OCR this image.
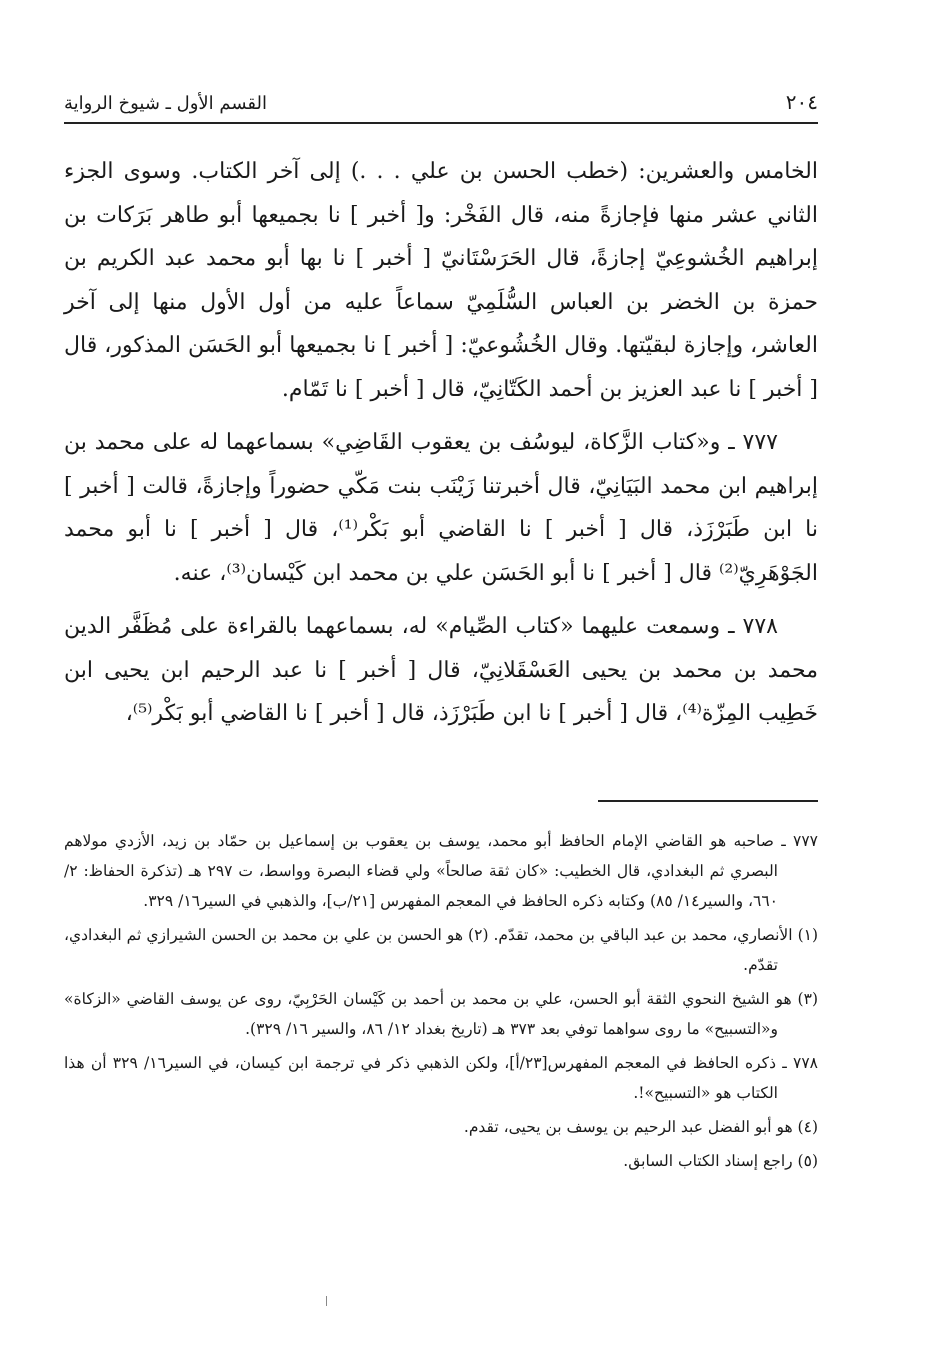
٢٠٤
القسم الأول ـ شيوخ الرواية

الخامس والعشرين: (خطب الحسن بن علي . . .) إلى آخر الكتاب. وسوى الجزء الثاني عشر منها فإجازةً منه، قال الفَخْر: و[ أخبر ] نا بجميعها أبو طاهر بَرَكات بن إبراهيم الخُشوعِيّ إجازةً، قال الحَرَسْتَانيّ [ أخبر ] نا بها أبو محمد عبد الكريم بن حمزة بن الخضر بن العباس السُّلَمِيّ سماعاً عليه من أول الأول منها إلى آخر العاشر، وإجازة لبقيّتها. وقال الخُشُوعيّ: [ أخبر ] نا بجميعها أبو الحَسَن المذكور، قال [ أخبر ] نا عبد العزيز بن أحمد الكَتّانِيّ، قال [ أخبر ] نا تَمّام.

٧٧٧ ـ و«كتاب الزَّكاة، ليوسُف بن يعقوب القَاضِي» بسماعهما له على محمد بن إبراهيم ابن محمد البَيَانِيّ، قال أخبرتنا زَيْنَب بنت مَكّي حضوراً وإجازةً، قالت [ أخبر ] نا ابن طَبَرْزَذ، قال [ أخبر ] نا القاضي أبو بَكْر⁽¹⁾، قال [ أخبر ] نا أبو محمد الجَوْهَرِيّ⁽²⁾ قال [ أخبر ] نا أبو الحَسَن علي بن محمد ابن كَيْسان⁽³⁾، عنه.

٧٧٨ ـ وسمعت عليهما «كتاب الصِّيام» له، بسماعهما بالقراءة على مُظَفَّر الدين محمد بن محمد بن يحيى العَسْقَلانِيّ، قال [ أخبر ] نا عبد الرحيم ابن يحيى ابن خَطِيب المِزّة⁽⁴⁾، قال [ أخبر ] نا ابن طَبَرْزَذ، قال [ أخبر ] نا القاضي أبو بَكْر⁽⁵⁾،

٧٧٧ ـ صاحبه هو القاضي الإمام الحافظ أبو محمد، يوسف بن يعقوب بن إسماعيل بن حمّاد بن زيد، الأزدي مولاهم البصري ثم البغدادي، قال الخطيب: «كان ثقة صالحاً» ولي قضاء البصرة وواسط، ت ٢٩٧ هـ (تذكرة الحفاظ: ٢/ ٦٦٠، والسير١٤/ ٨٥) وكتابه ذكره الحافظ في المعجم المفهرس [٢١/ب]، والذهبي في السير١٦/ ٣٢٩.

(١) الأنصاري، محمد بن عبد الباقي بن محمد، تقدّم. (٢) هو الحسن بن علي بن محمد بن الحسن الشيرازي ثم البغدادي، تقدّم.

(٣) هو الشيخ النحوي الثقة أبو الحسن، علي بن محمد بن أحمد بن كَيْسان الحَرْبِيّ، روى عن يوسف القاضي «الزكاة» و«التسبيح» ما روى سواهما توفي بعد ٣٧٣ هـ (تاريخ بغداد ١٢/ ٨٦، والسير ١٦/ ٣٢٩).

٧٧٨ ـ ذكره الحافظ في المعجم المفهرس[٢٣/أ]، ولكن الذهبي ذكر في ترجمة ابن كيسان، في السير١٦/ ٣٢٩ أن هذا الكتاب هو «التسبيح»!.

(٤) هو أبو الفضل عبد الرحيم بن يوسف بن يحيى، تقدم.

(٥) راجع إسناد الكتاب السابق.
